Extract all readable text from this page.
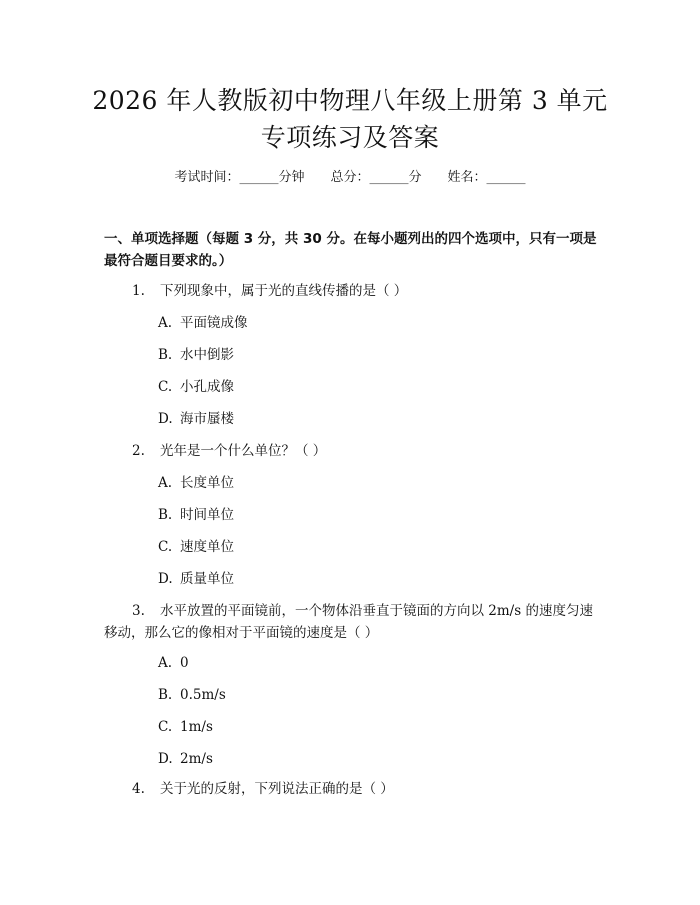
2026 年人教版初中物理八年级上册第 3 单元
专项练习及答案
考试时间：______分钟 总分：______分 姓名：______
一、单项选择题（每题 3 分，共 30 分。在每小题列出的四个选项中，只有一项是最符合题目要求的。）
1. 下列现象中，属于光的直线传播的是（ ）
A. 平面镜成像
B. 水中倒影
C. 小孔成像
D. 海市蜃楼
2. 光年是一个什么单位？（ ）
A. 长度单位
B. 时间单位
C. 速度单位
D. 质量单位
3. 水平放置的平面镜前，一个物体沿垂直于镜面的方向以 2m/s 的速度匀速移动，那么它的像相对于平面镜的速度是（ ）
A. 0
B. 0.5m/s
C. 1m/s
D. 2m/s
4. 关于光的反射，下列说法正确的是（ ）
